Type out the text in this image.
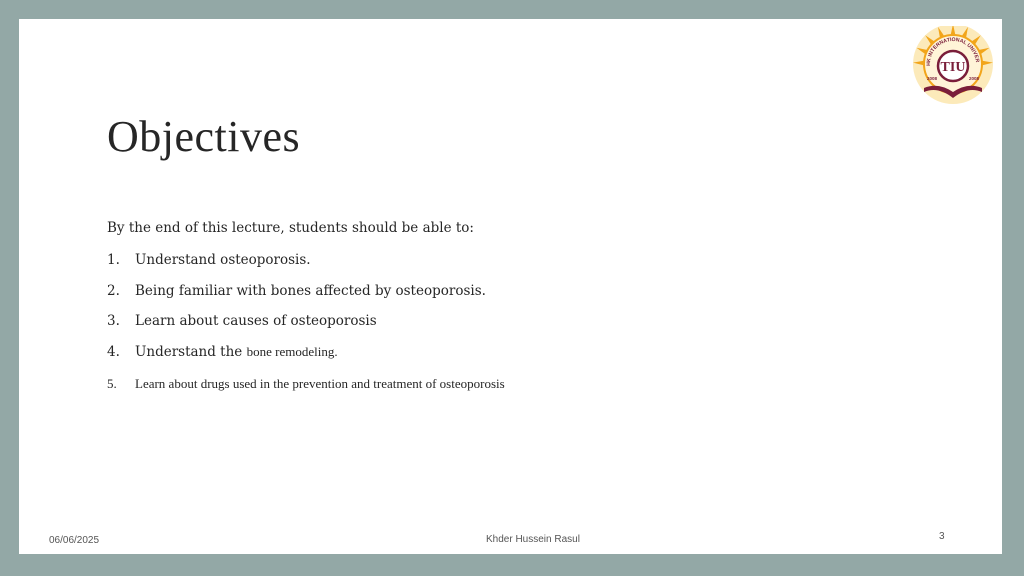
HK INTERNATIONAL UNIVER
TIU
2008	2008
Objectives
By the end of this lecture, students should be able to:
1. Understand osteoporosis.
2. Being familiar with bones affected by osteoporosis.
3. Learn about causes of osteoporosis
4. Understand the bone remodeling.
5. Learn about drugs used in the prevention and treatment of osteoporosis
06/06/2025	Khder Hussein Rasul	3
